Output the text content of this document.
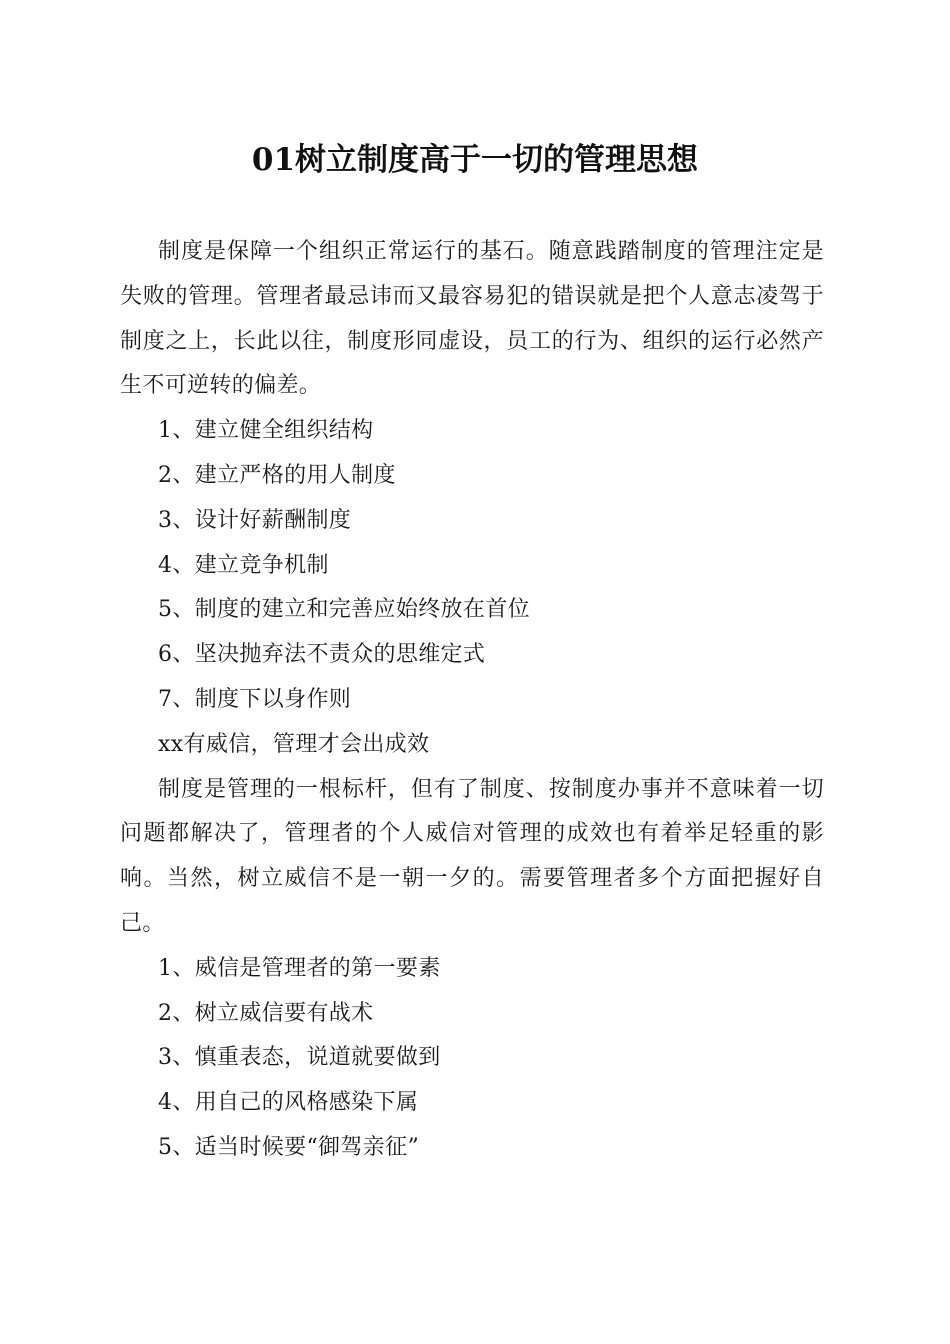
01树立制度高于一切的管理思想

制度是保障一个组织正常运行的基石。随意践踏制度的管理注定是失败的管理。管理者最忌讳而又最容易犯的错误就是把个人意志凌驾于制度之上，长此以往，制度形同虚设，员工的行为、组织的运行必然产生不可逆转的偏差。

1、建立健全组织结构

2、建立严格的用人制度

3、设计好薪酬制度

4、建立竞争机制

5、制度的建立和完善应始终放在首位

6、坚决抛弃法不责众的思维定式

7、制度下以身作则

xx有威信，管理才会出成效

制度是管理的一根标杆，但有了制度、按制度办事并不意味着一切问题都解决了，管理者的个人威信对管理的成效也有着举足轻重的影响。当然，树立威信不是一朝一夕的。需要管理者多个方面把握好自己。

1、威信是管理者的第一要素

2、树立威信要有战术

3、慎重表态，说道就要做到

4、用自己的风格感染下属

5、适当时候要“御驾亲征”
